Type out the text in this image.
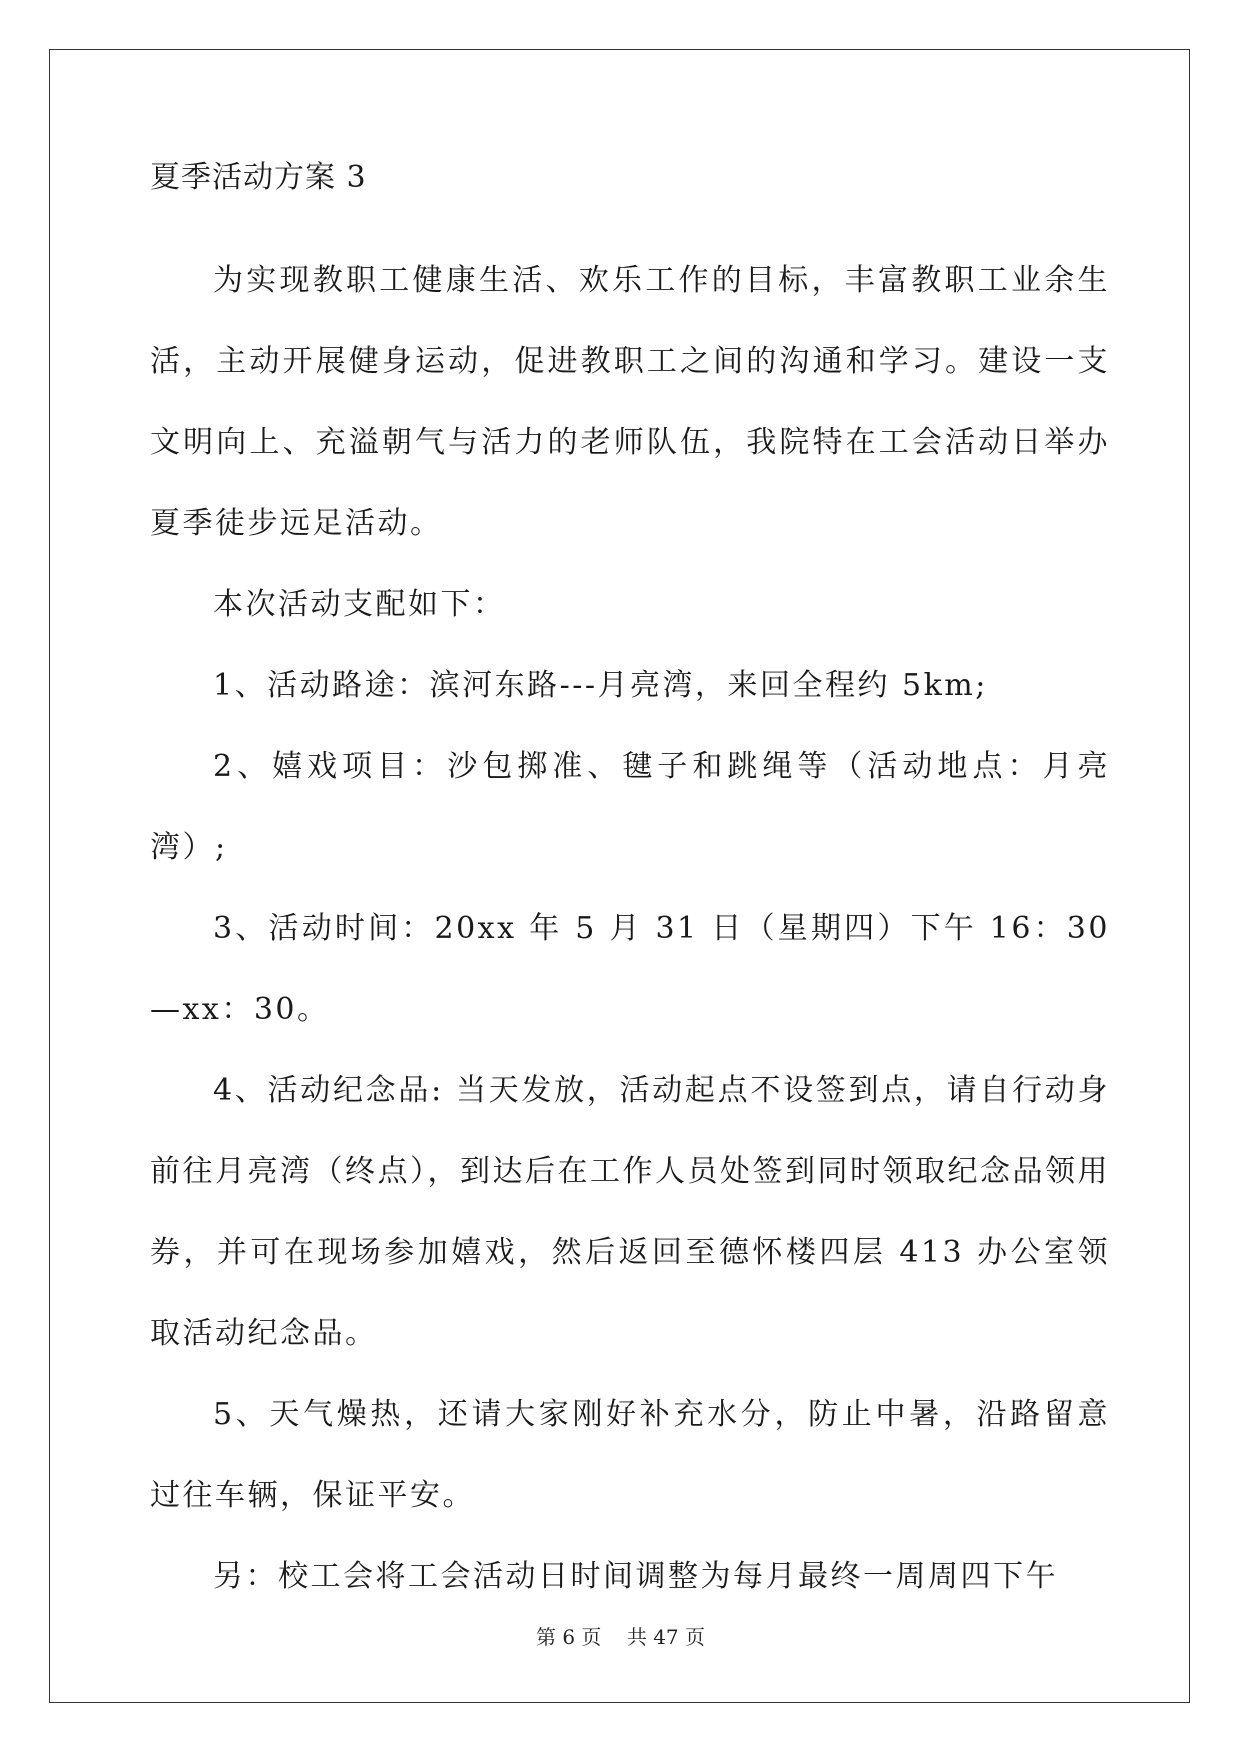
夏季活动方案 3

为实现教职工健康生活、欢乐工作的目标，丰富教职工业余生活，主动开展健身运动，促进教职工之间的沟通和学习。建设一支文明向上、充溢朝气与活力的老师队伍，我院特在工会活动日举办夏季徒步远足活动。

本次活动支配如下：

1、活动路途：滨河东路---月亮湾，来回全程约 5km;

2、嬉戏项目：沙包掷准、毽子和跳绳等（活动地点：月亮湾）;

3、活动时间：20xx 年 5 月 31 日（星期四）下午 16：30—xx：30。

4、活动纪念品: 当天发放，活动起点不设签到点，请自行动身前往月亮湾（终点），到达后在工作人员处签到同时领取纪念品领用券，并可在现场参加嬉戏，然后返回至德怀楼四层 413 办公室领取活动纪念品。

5、天气燥热，还请大家刚好补充水分，防止中暑，沿路留意过往车辆，保证平安。

另：校工会将工会活动日时间调整为每月最终一周周四下午

第 6 页    共 47 页
